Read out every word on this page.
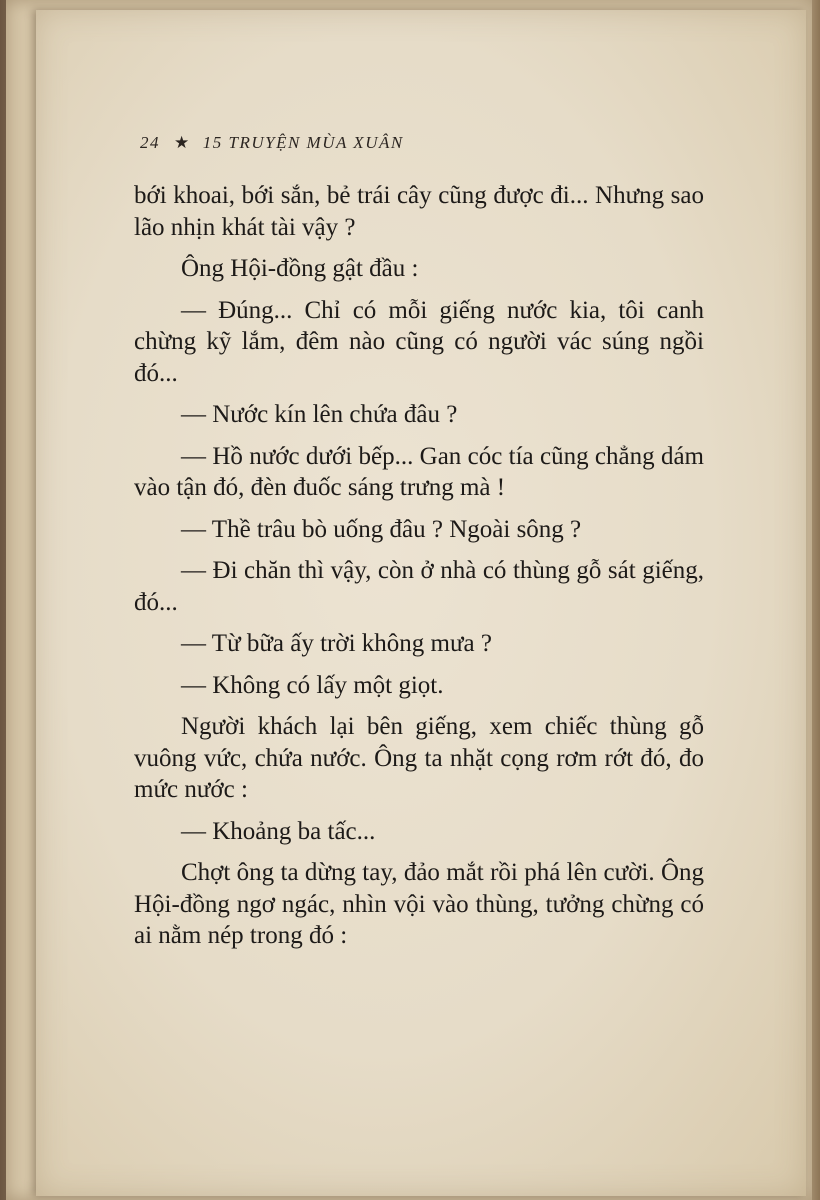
24 ★ 15 TRUYỆN MÙA XUÂN

bới khoai, bới sắn, bẻ trái cây cũng được đi... Nhưng sao lão nhịn khát tài vậy ?

Ông Hội-đồng gật đầu :

— Đúng... Chỉ có mỗi giếng nước kia, tôi canh chừng kỹ lắm, đêm nào cũng có người vác súng ngồi đó...

— Nước kín lên chứa đâu ?

— Hồ nước dưới bếp... Gan cóc tía cũng chẳng dám vào tận đó, đèn đuốc sáng trưng mà !

— Thề trâu bò uống đâu ? Ngoài sông ?

— Đi chăn thì vậy, còn ở nhà có thùng gỗ sát giếng, đó...

— Từ bữa ấy trời không mưa ?

— Không có lấy một giọt.

Người khách lại bên giếng, xem chiếc thùng gỗ vuông vức, chứa nước. Ông ta nhặt cọng rơm rớt đó, đo mức nước :

— Khoảng ba tấc...

Chợt ông ta dừng tay, đảo mắt rồi phá lên cười. Ông Hội-đồng ngơ ngác, nhìn vội vào thùng, tưởng chừng có ai nằm nép trong đó :
